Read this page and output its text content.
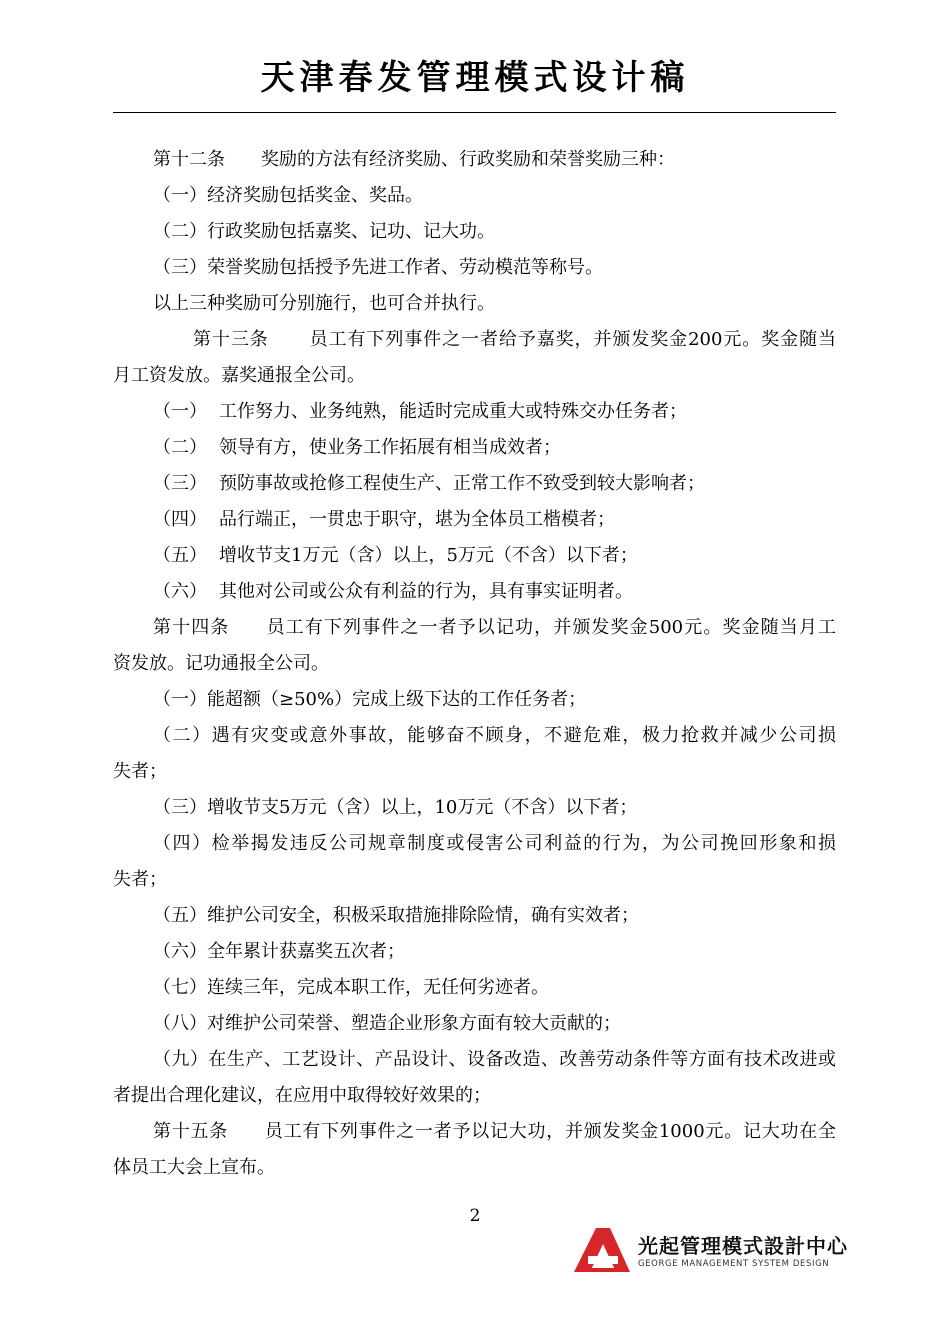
天津春发管理模式设计稿
第十二条 奖励的方法有经济奖励、行政奖励和荣誉奖励三种：
（一）经济奖励包括奖金、奖品。
（二）行政奖励包括嘉奖、记功、记大功。
（三）荣誉奖励包括授予先进工作者、劳动模范等称号。
以上三种奖励可分别施行，也可合并执行。
第十三条 员工有下列事件之一者给予嘉奖，并颁发奖金200元。奖金随当
月工资发放。嘉奖通报全公司。
（一） 工作努力、业务纯熟，能适时完成重大或特殊交办任务者；
（二） 领导有方，使业务工作拓展有相当成效者；
（三） 预防事故或抢修工程使生产、正常工作不致受到较大影响者；
（四） 品行端正，一贯忠于职守，堪为全体员工楷模者；
（五） 增收节支1万元（含）以上，5万元（不含）以下者；
（六） 其他对公司或公众有利益的行为，具有事实证明者。
第十四条 员工有下列事件之一者予以记功，并颁发奖金500元。奖金随当月工
资发放。记功通报全公司。
（一）能超额（≥50%）完成上级下达的工作任务者；
（二）遇有灾变或意外事故，能够奋不顾身，不避危难，极力抢救并减少公司损
失者；
（三）增收节支5万元（含）以上，10万元（不含）以下者；
（四）检举揭发违反公司规章制度或侵害公司利益的行为，为公司挽回形象和损
失者；
（五）维护公司安全，积极采取措施排除险情，确有实效者；
（六）全年累计获嘉奖五次者；
（七）连续三年，完成本职工作，无任何劣迹者。
（八）对维护公司荣誉、塑造企业形象方面有较大贡献的；
（九）在生产、工艺设计、产品设计、设备改造、改善劳动条件等方面有技术改进或
者提出合理化建议，在应用中取得较好效果的；
第十五条 员工有下列事件之一者予以记大功，并颁发奖金1000元。记大功在全
体员工大会上宣布。
2
光起管理模式設計中心
GEORGE MANAGEMENT SYSTEM DESIGN
